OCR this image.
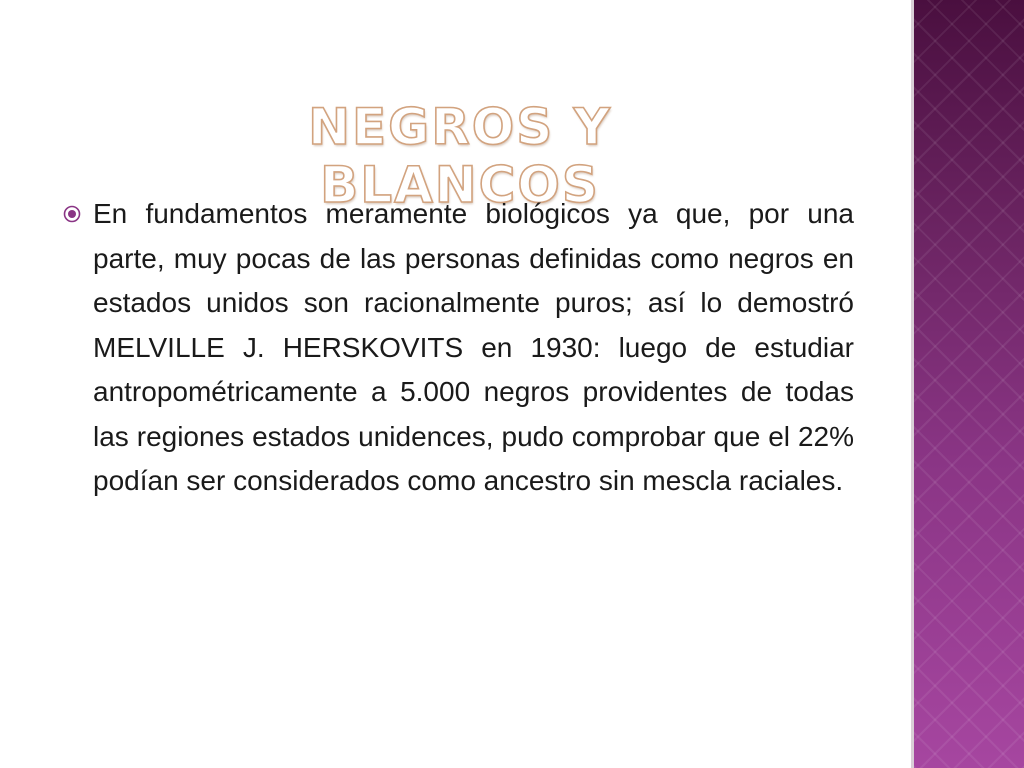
NEGROS Y BLANCOS

En fundamentos meramente biológicos ya que, por una parte, muy pocas de las personas definidas como negros en estados unidos son racionalmente puros; así lo demostró MELVILLE J. HERSKOVITS en 1930: luego de estudiar antropométricamente a 5.000 negros providentes de todas las regiones estados unidences, pudo comprobar que el 22% podían ser considerados como ancestro sin mescla raciales.
